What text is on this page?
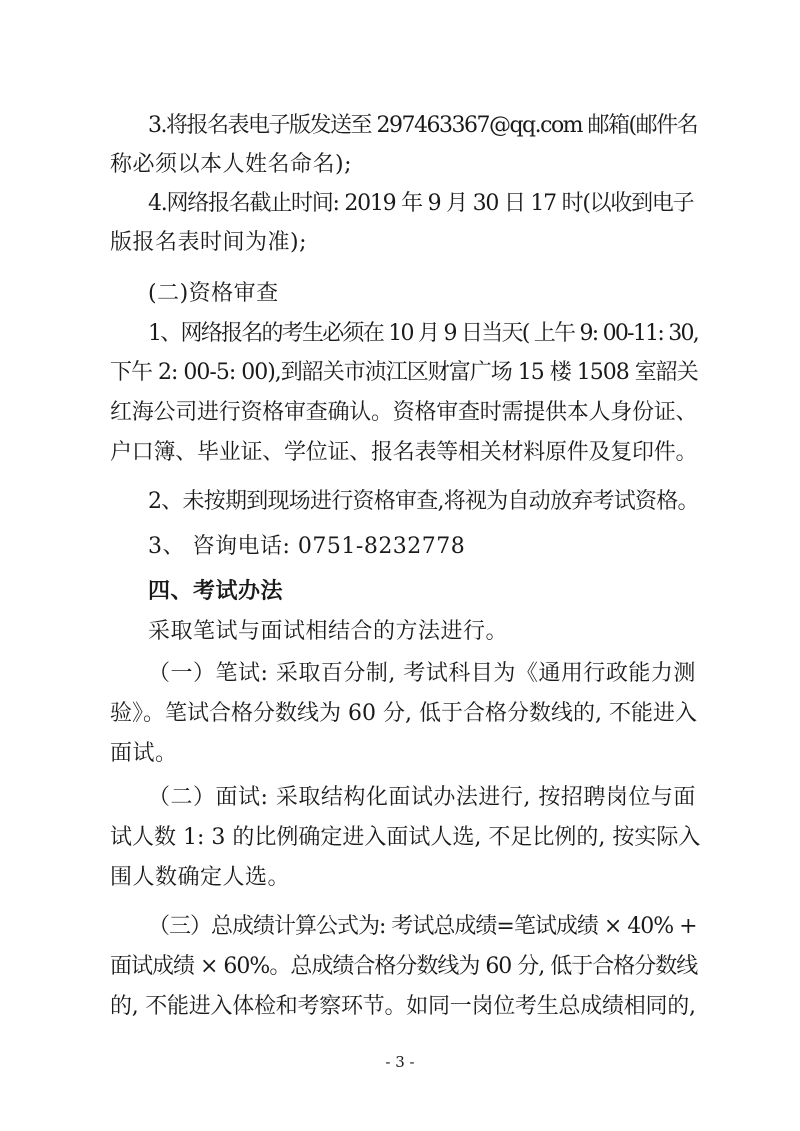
3.将报名表电子版发送至 297463367@qq.com 邮箱(邮件名
称必须以本人姓名命名);
4.网络报名截止时间: 2019 年 9 月 30 日 17 时(以收到电子
版报名表时间为准);
(二)资格审查
1、网络报名的考生必须在 10 月 9 日当天( 上午 9: 00-11: 30,
下午 2: 00-5: 00),到韶关市浈江区财富广场 15 楼 1508 室韶关
红海公司进行资格审查确认。资格审查时需提供本人身份证、
户口簿、毕业证、学位证、报名表等相关材料原件及复印件。
2、未按期到现场进行资格审查,将视为自动放弃考试资格。
3、 咨询电话: 0751-8232778
四、考试办法
采取笔试与面试相结合的方法进行。
（一）笔试: 采取百分制, 考试科目为《通用行政能力测
验》。笔试合格分数线为 60 分, 低于合格分数线的, 不能进入
面试。
（二）面试: 采取结构化面试办法进行, 按招聘岗位与面
试人数 1: 3 的比例确定进入面试人选, 不足比例的, 按实际入
围人数确定人选。
（三）总成绩计算公式为: 考试总成绩=笔试成绩 × 40% +
面试成绩 × 60%。总成绩合格分数线为 60 分, 低于合格分数线
的, 不能进入体检和考察环节。如同一岗位考生总成绩相同的,
- 3 -
